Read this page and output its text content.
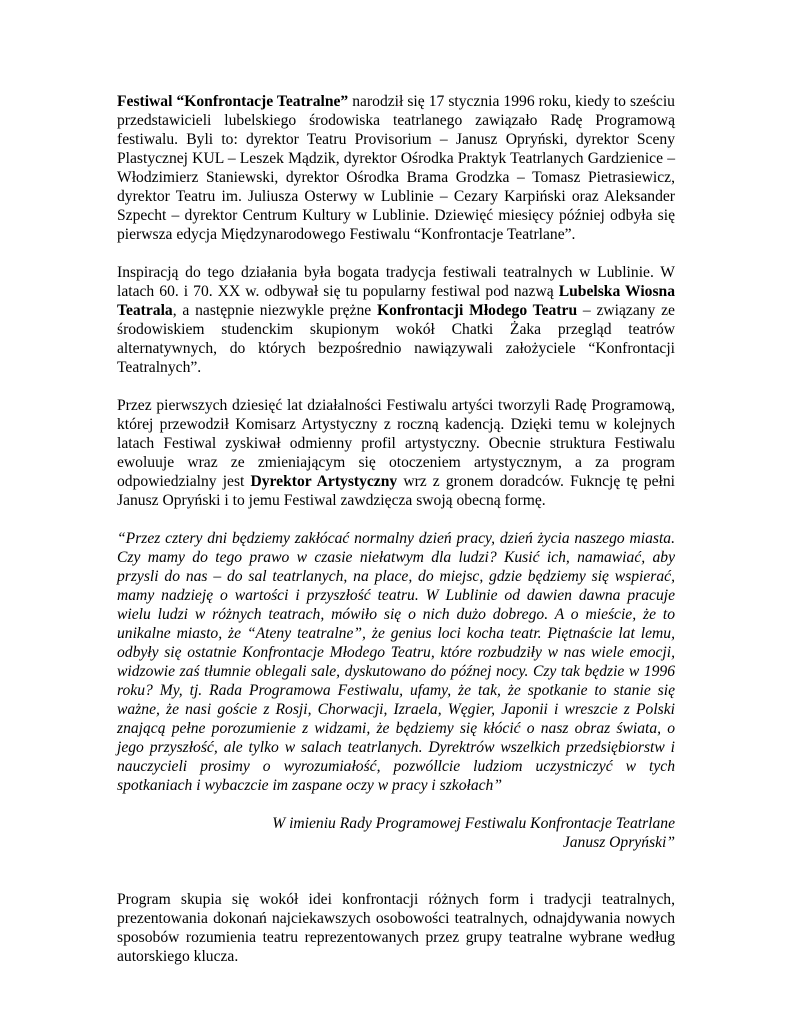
Festiwal “Konfrontacje Teatralne” narodził się 17 stycznia 1996 roku, kiedy to sześciu przedstawicieli lubelskiego środowiska teatrlanego zawiązało Radę Programową festiwalu. Byli to: dyrektor Teatru Provisorium – Janusz Opryński, dyrektor Sceny Plastycznej KUL – Leszek Mądzik, dyrektor Ośrodka Praktyk Teatrlanych Gardzienice – Włodzimierz Staniewski, dyrektor Ośrodka Brama Grodzka – Tomasz Pietrasiewicz, dyrektor Teatru im. Juliusza Osterwy w Lublinie – Cezary Karpiński oraz Aleksander Szpecht – dyrektor Centrum Kultury w Lublinie. Dziewięć miesięcy później odbyła się pierwsza edycja Międzynarodowego Festiwalu “Konfrontacje Teatrlane”.

Inspiracją do tego działania była bogata tradycja festiwali teatralnych w Lublinie. W latach 60. i 70. XX w. odbywał się tu popularny festiwal pod nazwą Lubelska Wiosna Teatrala, a następnie niezwykle prężne Konfrontacji Młodego Teatru – związany ze środowiskiem studenckim skupionym wokół Chatki Żaka przegląd teatrów alternatywnych, do których bezpośrednio nawiązywali założyciele “Konfrontacji Teatralnych”.

Przez pierwszych dziesięć lat działalności Festiwalu artyści tworzyli Radę Programową, której przewodził Komisarz Artystyczny z roczną kadencją. Dzięki temu w kolejnych latach Festiwal zyskiwał odmienny profil artystyczny. Obecnie struktura Festiwalu ewoluuje wraz ze zmieniającym się otoczeniem artystycznym, a za program odpowiedzialny jest Dyrektor Artystyczny wrz z gronem doradców. Fukncję tę pełni Janusz Opryński i to jemu Festiwal zawdzięcza swoją obecną formę.

“Przez cztery dni będziemy zakłócać normalny dzień pracy, dzień życia naszego miasta. Czy mamy do tego prawo w czasie niełatwym dla ludzi? Kusić ich, namawiać, aby przysli do nas – do sal teatrlanych, na place, do miejsc, gdzie będziemy się wspierać, mamy nadzieję o wartości i przyszłość teatru. W Lublinie od dawien dawna pracuje wielu ludzi w różnych teatrach, mówiło się o nich dużo dobrego. A o mieście, że to unikalne miasto, że “Ateny teatralne”, że genius loci kocha teatr. Piętnaście lat lemu, odbyły się ostatnie Konfrontacje Młodego Teatru, które rozbudziły w nas wiele emocji, widzowie zaś tłumnie oblegali sale, dyskutowano do późnej nocy. Czy tak będzie w 1996 roku? My, tj. Rada Programowa Festiwalu, ufamy, że tak, że spotkanie to stanie się ważne, że nasi goście z Rosji, Chorwacji, Izraela, Węgier, Japonii i wreszcie z Polski znającą pełne porozumienie z widzami, że będziemy się kłócić o nasz obraz świata, o jego przyszłość, ale tylko w salach teatrlanych. Dyrektrów wszelkich przedsiębiorstw i nauczycieli prosimy o wyrozumiałość, pozwóllcie ludziom uczystniczyć w tych spotkaniach i wybaczcie im zaspane oczy w pracy i szkołach”

W imieniu Rady Programowej Festiwalu Konfrontacje Teatrlane

Janusz Opryński”

Program skupia się wokół idei konfrontacji różnych form i tradycji teatralnych, prezentowania dokonań najciekawszych osobowości teatralnych, odnajdywania nowych sposobów rozumienia teatru reprezentowanych przez grupy teatralne wybrane według autorskiego klucza.
